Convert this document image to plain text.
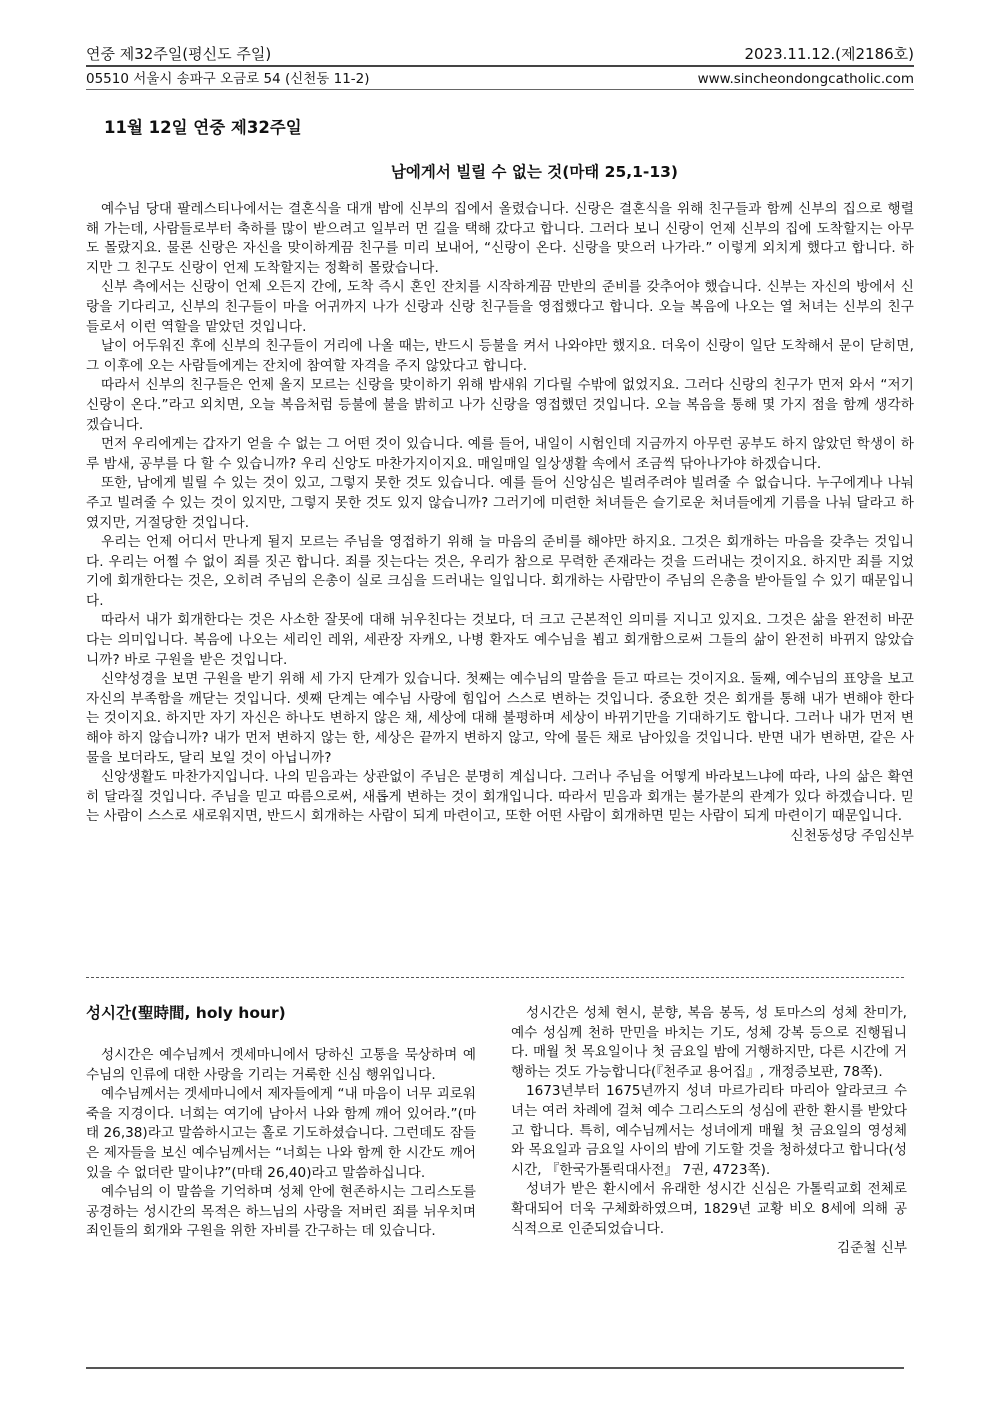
연중 제32주일(평신도 주일)	2023.11.12.(제2186호)
05510 서울시 송파구 오금로 54 (신천동 11-2)	www.sincheondongcatholic.com
11월 12일 연중 제32주일
남에게서 빌릴 수 없는 것(마태 25,1-13)

예수님 당대 팔레스티나에서는 결혼식을 대개 밤에 신부의 집에서 올렸습니다. 신랑은 결혼식을 위해 친구들과 함께 신부의 집으로 행렬해 가는데, 사람들로부터 축하를 많이 받으려고 일부러 먼 길을 택해 갔다고 합니다. 그러다 보니 신랑이 언제 신부의 집에 도착할지는 아무도 몰랐지요. 물론 신랑은 자신을 맞이하게끔 친구를 미리 보내어, “신랑이 온다. 신랑을 맞으러 나가라.” 이렇게 외치게 했다고 합니다. 하지만 그 친구도 신랑이 언제 도착할지는 정확히 몰랐습니다.

신부 측에서는 신랑이 언제 오든지 간에, 도착 즉시 혼인 잔치를 시작하게끔 만반의 준비를 갖추어야 했습니다. 신부는 자신의 방에서 신랑을 기다리고, 신부의 친구들이 마을 어귀까지 나가 신랑과 신랑 친구들을 영접했다고 합니다. 오늘 복음에 나오는 열 처녀는 신부의 친구들로서 이런 역할을 맡았던 것입니다.

날이 어두워진 후에 신부의 친구들이 거리에 나올 때는, 반드시 등불을 켜서 나와야만 했지요. 더욱이 신랑이 일단 도착해서 문이 닫히면, 그 이후에 오는 사람들에게는 잔치에 참여할 자격을 주지 않았다고 합니다.

따라서 신부의 친구들은 언제 올지 모르는 신랑을 맞이하기 위해 밤새워 기다릴 수밖에 없었지요. 그러다 신랑의 친구가 먼저 와서 “저기 신랑이 온다.”라고 외치면, 오늘 복음처럼 등불에 불을 밝히고 나가 신랑을 영접했던 것입니다. 오늘 복음을 통해 몇 가지 점을 함께 생각하겠습니다.

먼저 우리에게는 갑자기 얻을 수 없는 그 어떤 것이 있습니다. 예를 들어, 내일이 시험인데 지금까지 아무런 공부도 하지 않았던 학생이 하루 밤새, 공부를 다 할 수 있습니까? 우리 신앙도 마찬가지이지요. 매일매일 일상생활 속에서 조금씩 닦아나가야 하겠습니다.

또한, 남에게 빌릴 수 있는 것이 있고, 그렇지 못한 것도 있습니다. 예를 들어 신앙심은 빌려주려야 빌려줄 수 없습니다. 누구에게나 나눠주고 빌려줄 수 있는 것이 있지만, 그렇지 못한 것도 있지 않습니까? 그러기에 미련한 처녀들은 슬기로운 처녀들에게 기름을 나눠 달라고 하였지만, 거절당한 것입니다.

우리는 언제 어디서 만나게 될지 모르는 주님을 영접하기 위해 늘 마음의 준비를 해야만 하지요. 그것은 회개하는 마음을 갖추는 것입니다. 우리는 어쩔 수 없이 죄를 짓곤 합니다. 죄를 짓는다는 것은, 우리가 참으로 무력한 존재라는 것을 드러내는 것이지요. 하지만 죄를 지었기에 회개한다는 것은, 오히려 주님의 은총이 실로 크심을 드러내는 일입니다. 회개하는 사람만이 주님의 은총을 받아들일 수 있기 때문입니다.

따라서 내가 회개한다는 것은 사소한 잘못에 대해 뉘우친다는 것보다, 더 크고 근본적인 의미를 지니고 있지요. 그것은 삶을 완전히 바꾼다는 의미입니다. 복음에 나오는 세리인 레위, 세관장 자캐오, 나병 환자도 예수님을 뵙고 회개함으로써 그들의 삶이 완전히 바뀌지 않았습니까? 바로 구원을 받은 것입니다.

신약성경을 보면 구원을 받기 위해 세 가지 단계가 있습니다. 첫째는 예수님의 말씀을 듣고 따르는 것이지요. 둘째, 예수님의 표양을 보고 자신의 부족함을 깨닫는 것입니다. 셋째 단계는 예수님 사랑에 힘입어 스스로 변하는 것입니다. 중요한 것은 회개를 통해 내가 변해야 한다는 것이지요. 하지만 자기 자신은 하나도 변하지 않은 채, 세상에 대해 불평하며 세상이 바뀌기만을 기대하기도 합니다. 그러나 내가 먼저 변해야 하지 않습니까? 내가 먼저 변하지 않는 한, 세상은 끝까지 변하지 않고, 악에 물든 채로 남아있을 것입니다. 반면 내가 변하면, 같은 사물을 보더라도, 달리 보일 것이 아닙니까?

신앙생활도 마찬가지입니다. 나의 믿음과는 상관없이 주님은 분명히 계십니다. 그러나 주님을 어떻게 바라보느냐에 따라, 나의 삶은 확연히 달라질 것입니다. 주님을 믿고 따름으로써, 새롭게 변하는 것이 회개입니다. 따라서 믿음과 회개는 불가분의 관계가 있다 하겠습니다. 믿는 사람이 스스로 새로워지면, 반드시 회개하는 사람이 되게 마련이고, 또한 어떤 사람이 회개하면 믿는 사람이 되게 마련이기 때문입니다.
신천동성당 주임신부

성시간(聖時間, holy hour)

성시간은 예수님께서 겟세마니에서 당하신 고통을 묵상하며 예수님의 인류에 대한 사랑을 기리는 거룩한 신심 행위입니다.

예수님께서는 겟세마니에서 제자들에게 “내 마음이 너무 괴로워 죽을 지경이다. 너희는 여기에 남아서 나와 함께 깨어 있어라.”(마태 26,38)라고 말씀하시고는 홀로 기도하셨습니다. 그런데도 잠들은 제자들을 보신 예수님께서는 “너희는 나와 함께 한 시간도 깨어 있을 수 없더란 말이냐?”(마태 26,40)라고 말씀하십니다.

예수님의 이 말씀을 기억하며 성체 안에 현존하시는 그리스도를 공경하는 성시간의 목적은 하느님의 사랑을 저버린 죄를 뉘우치며 죄인들의 회개와 구원을 위한 자비를 간구하는 데 있습니다.

성시간은 성체 현시, 분향, 복음 봉독, 성 토마스의 성체 찬미가, 예수 성심께 천하 만민을 바치는 기도, 성체 강복 등으로 진행됩니다. 매월 첫 목요일이나 첫 금요일 밤에 거행하지만, 다른 시간에 거행하는 것도 가능합니다(『천주교 용어집』, 개정증보판, 78쪽).

1673년부터 1675년까지 성녀 마르가리타 마리아 알라코크 수녀는 여러 차례에 걸쳐 예수 그리스도의 성심에 관한 환시를 받았다고 합니다. 특히, 예수님께서는 성녀에게 매월 첫 금요일의 영성체와 목요일과 금요일 사이의 밤에 기도할 것을 청하셨다고 합니다(성시간, 『한국가톨릭대사전』 7권, 4723쪽).

성녀가 받은 환시에서 유래한 성시간 신심은 가톨릭교회 전체로 확대되어 더욱 구체화하였으며, 1829년 교황 비오 8세에 의해 공식적으로 인준되었습니다.

김준철 신부
